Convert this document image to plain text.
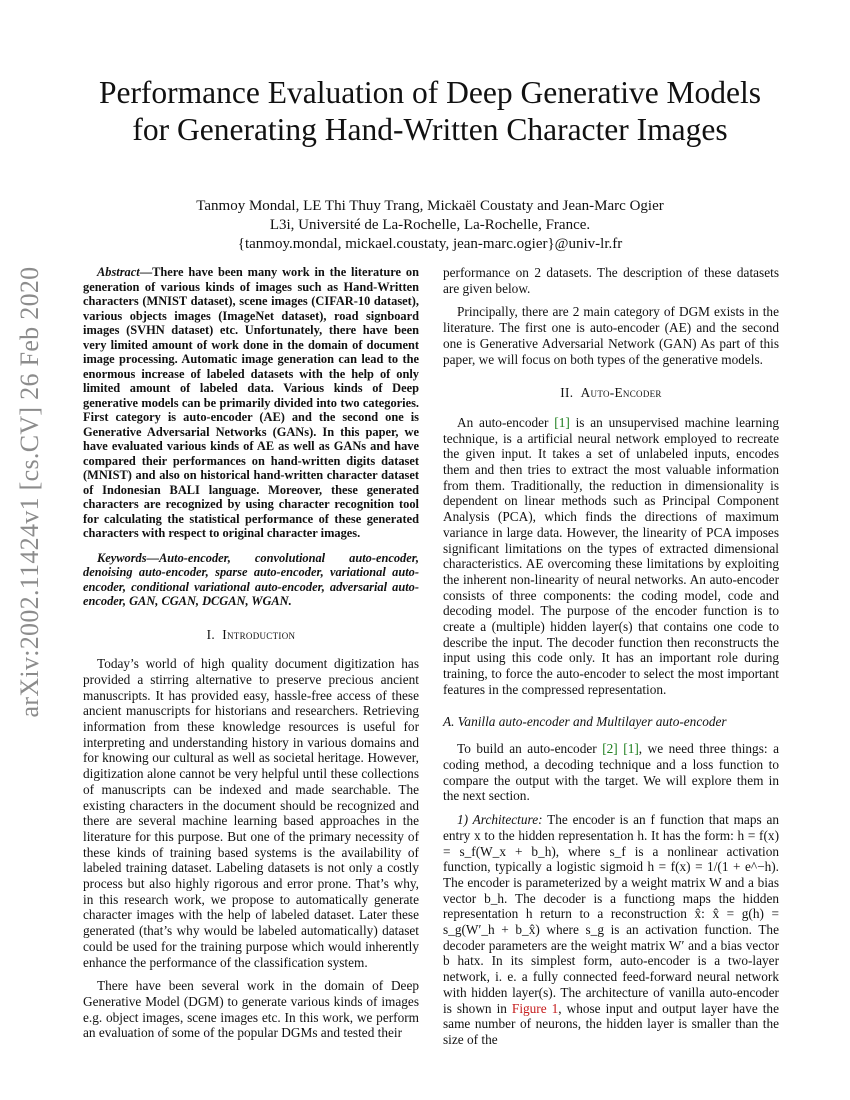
arXiv:2002.11424v1 [cs.CV] 26 Feb 2020
Performance Evaluation of Deep Generative Models
for Generating Hand-Written Character Images
Tanmoy Mondal, LE Thi Thuy Trang, Mickaël Coustaty and Jean-Marc Ogier
L3i, Université de La-Rochelle, La-Rochelle, France.
{tanmoy.mondal, mickael.coustaty, jean-marc.ogier}@univ-lr.fr

Abstract—There have been many work in the literature on generation of various kinds of images such as Hand-Written characters (MNIST dataset), scene images (CIFAR-10 dataset), various objects images (ImageNet dataset), road signboard images (SVHN dataset) etc. Unfortunately, there have been very limited amount of work done in the domain of document image processing. Automatic image generation can lead to the enormous increase of labeled datasets with the help of only limited amount of labeled data. Various kinds of Deep generative models can be primarily divided into two categories. First category is auto-encoder (AE) and the second one is Generative Adversarial Networks (GANs). In this paper, we have evaluated various kinds of AE as well as GANs and have compared their performances on hand-written digits dataset (MNIST) and also on historical hand-written character dataset of Indonesian BALI language. Moreover, these generated characters are recognized by using character recognition tool for calculating the statistical performance of these generated characters with respect to original character images.

Keywords—Auto-encoder, convolutional auto-encoder, denoising auto-encoder, sparse auto-encoder, variational auto-encoder, conditional variational auto-encoder, adversarial auto-encoder, GAN, CGAN, DCGAN, WGAN.

I. Introduction

Today’s world of high quality document digitization has provided a stirring alternative to preserve precious ancient manuscripts. It has provided easy, hassle-free access of these ancient manuscripts for historians and researchers. Retrieving information from these knowledge resources is useful for interpreting and understanding history in various domains and for knowing our cultural as well as societal heritage. However, digitization alone cannot be very helpful until these collections of manuscripts can be indexed and made searchable. The existing characters in the document should be recognized and there are several machine learning based approaches in the literature for this purpose. But one of the primary necessity of these kinds of training based systems is the availability of labeled training dataset. Labeling datasets is not only a costly process but also highly rigorous and error prone. That’s why, in this research work, we propose to automatically generate character images with the help of labeled dataset. Later these generated (that’s why would be labeled automatically) dataset could be used for the training purpose which would inherently enhance the performance of the classification system.

There have been several work in the domain of Deep Generative Model (DGM) to generate various kinds of images e.g. object images, scene images etc. In this work, we perform an evaluation of some of the popular DGMs and tested their

performance on 2 datasets. The description of these datasets are given below.

Principally, there are 2 main category of DGM exists in the literature. The first one is auto-encoder (AE) and the second one is Generative Adversarial Network (GAN) As part of this paper, we will focus on both types of the generative models.

II. Auto-Encoder

An auto-encoder [1] is an unsupervised machine learning technique, is a artificial neural network employed to recreate the given input. It takes a set of unlabeled inputs, encodes them and then tries to extract the most valuable information from them. Traditionally, the reduction in dimensionality is dependent on linear methods such as Principal Component Analysis (PCA), which finds the directions of maximum variance in large data. However, the linearity of PCA imposes significant limitations on the types of extracted dimensional characteristics. AE overcoming these limitations by exploiting the inherent non-linearity of neural networks. An auto-encoder consists of three components: the coding model, code and decoding model. The purpose of the encoder function is to create a (multiple) hidden layer(s) that contains one code to describe the input. The decoder function then reconstructs the input using this code only. It has an important role during training, to force the auto-encoder to select the most important features in the compressed representation.

A. Vanilla auto-encoder and Multilayer auto-encoder

To build an auto-encoder [2] [1], we need three things: a coding method, a decoding technique and a loss function to compare the output with the target. We will explore them in the next section.

1) Architecture: The encoder is an f function that maps an entry x to the hidden representation h. It has the form: h = f(x) = s_f(W_x + b_h), where s_f is a nonlinear activation function, typically a logistic sigmoid h = f(x) = 1/(1 + e^−h). The encoder is parameterized by a weight matrix W and a bias vector b_h. The decoder is a functiong maps the hidden representation h return to a reconstruction x̂: x̂ = g(h) = s_g(W′_h + b_x̂) where s_g is an activation function. The decoder parameters are the weight matrix W′ and a bias vector b hatx. In its simplest form, auto-encoder is a two-layer network, i. e. a fully connected feed-forward neural network with hidden layer(s). The architecture of vanilla auto-encoder is shown in Figure 1, whose input and output layer have the same number of neurons, the hidden layer is smaller than the size of the
